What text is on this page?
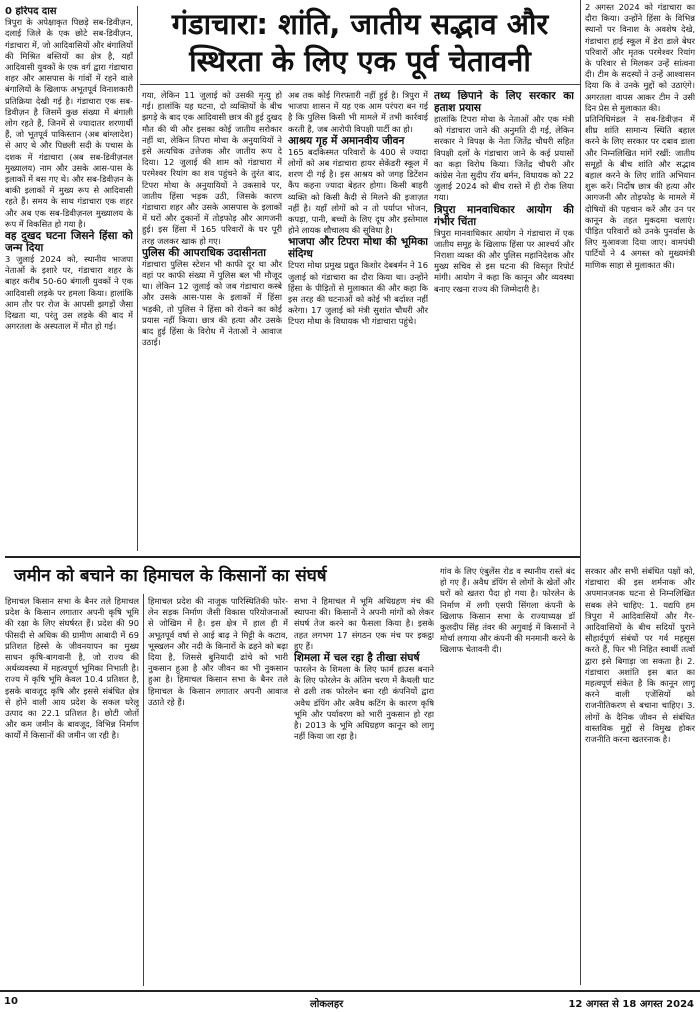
गंडाचारा: शांति, जातीय सद्भाव और स्थिरता के लिए एक पूर्व चेतावनी

0 हरिपद दास

त्रिपुरा के अपेक्षाकृत पिछड़े सब-डिवीज़न, दलाई जिले के एक छोटे सब-डिवीज़न, गंडाचारा में, जो आदिवासियों और बंगालियों की मिश्रित बस्तियों का क्षेत्र है, यहाँ आदिवासी युवकों के एक वर्ग द्वारा गंडाचारा शहर और आसपास के गांवों में रहने वाले बंगालियों के खिलाफ अभूतपूर्व विनाशकारी प्रतिक्रिया देखी गई है। गंडाचारा एक सब-डिवीज़न है जिसमें कुछ संख्या में बंगाली लोग रहते हैं, जिनमें से ज्यादातर शरणार्थी हैं, जो भूतपूर्व पाकिस्तान (अब बांग्लादेश) से आए थे और पिछली सदी के पचास के दशक में गंडाचारा (अब सब-डिवीज़नल मुख्यालय) नाम और उसके आस-पास के इलाकों में बस गए थे। और सब-डिवीज़न के बाकी इलाकों में मुख्य रूप से आदिवासी रहते हैं। समय के साथ गंडाचारा एक शहर और अब एक सब-डिवीज़नल मुख्यालय के रूप में विकसित हो गया है।

वह दुखद घटना जिसने हिंसा को जन्म दिया

3 जुलाई 2024 को, स्थानीय भाजपा नेताओं के इशारे पर, गंडाचारा शहर के बाहर करीब 50-60 बंगाली युवकों ने एक आदिवासी लड़के पर हमला किया। हालांकि आम तौर पर रोज के आपसी झगड़ों जैसा दिखता था, परंतु उस लड़के की बाद में अगरतला के अस्पताल में मौत हो गई।

गया, लेकिन 11 जुलाई को उसकी मृत्यु हो गई। हालांकि यह घटना, दो व्यक्तियों के बीच झगड़े के बाद एक आदिवासी छात्र की हुई दुखद मौत की थी और इसका कोई जातीय सरोकार नहीं था, लेकिन तिपरा मोथा के अनुयायियों ने इसे अत्यधिक उत्तेजक और जातीय रूप दे दिया। 12 जुलाई की शाम को गंडाचारा में परमेश्वर रियांग का शव पहुंचने के तुरंत बाद, टिपरा मोथा के अनुयायियों ने उकसावे पर, जातीय हिंसा भड़क उठी, जिसके कारण गंडाचारा शहर और उसके आसपास के इलाकों में घरों और दुकानों में तोड़फोड़ और आगजनी हुई। इस हिंसा में 165 परिवारों के घर पूरी तरह जलकर खाक हो गए।

पुलिस की आपराधिक उदासीनता

गंडाचारा पुलिस स्टेशन भी काफी दूर था और वहां पर काफी संख्या में पुलिस बल भी मौजूद था। लेकिन 12 जुलाई को जब गंडाचारा कस्बे और उसके आस-पास के इलाकों में हिंसा भड़की, तो पुलिस ने हिंसा को रोकने का कोई प्रयास नहीं किया। छात्र की हत्या और उसके बाद हुई हिंसा के विरोध में नेताओं ने आवाज उठाई।

अब तक कोई गिरफ्तारी नहीं हुई है। त्रिपुरा में भाजपा शासन में यह एक आम परंपरा बन गई है कि पुलिस किसी भी मामले में तभी कार्रवाई करती है, जब आरोपी विपक्षी पार्टी का हो।

आश्रय गृह में अमानवीय जीवन

165 बदकिस्मत परिवारों के 400 से ज्यादा लोगों को अब गंडाचारा हायर सेकेंडरी स्कूल में शरण दी गई है। इस आश्रय को जगह डिटेंशन कैंप कहना ज्यादा बेहतर होगा। किसी बाहरी व्यक्ति को किसी कैदी से मिलने की इजाज़त नहीं है। यहाँ लोगों को न तो पर्याप्त भोजन, कपड़ा, पानी, बच्चों के लिए दूध और इस्तेमाल होने लायक शौचालय की सुविधा है।

भाजपा और टिपरा मोथा की भूमिका संदिग्ध

टिपरा मोथा प्रमुख प्रद्युत किशोर देबबर्मन ने 16 जुलाई को गंडाचारा का दौरा किया था। उन्होंने हिंसा के पीड़ितों से मुलाकात की और कहा कि इस तरह की घटनाओं को कोई भी बर्दाश्त नहीं करेगा। 17 जुलाई को मंत्री सुशांत चौधरी और टिपरा मोथा के विधायक भी गंडाचारा पहुंचे।

तथ्य छिपाने के लिए सरकार का हताश प्रयास

हालांकि टिपरा मोथा के नेताओं और एक मंत्री को गंडाचारा जाने की अनुमति दी गई, लेकिन सरकार ने विपक्ष के नेता जितेंद्र चौधरी सहित विपक्षी दलों के गंडाचारा जाने के कई प्रयासों का कड़ा विरोध किया। जितेंद्र चौधरी और कांग्रेस नेता सुदीप रॉय बर्मन, विधायक को 22 जुलाई 2024 को बीच रास्ते में ही रोक लिया गया।

त्रिपुरा मानवाधिकार आयोग की गंभीर चिंता

त्रिपुरा मानवाधिकार आयोग ने गंडाचारा में एक जातीय समूह के खिलाफ हिंसा पर आश्चर्य और निराशा व्यक्त की और पुलिस महानिदेशक और मुख्य सचिव से इस घटना की विस्तृत रिपोर्ट मांगी। आयोग ने कहा कि कानून और व्यवस्था बनाए रखना राज्य की जिम्मेदारी है।

2 अगस्त 2024 को गंडाचारा का दौरा किया। उन्होंने हिंसा के विभिन्न स्थानों पर विनाश के अवशेष देखे, गंडाचारा हाई स्कूल में डेरा डाले बेघर परिवारों और मृतक परमेश्वर रियांग के परिवार से मिलकर उन्हें सांत्वना दी। टीम के सदस्यों ने उन्हें आश्वासन दिया कि वे उनके मुद्दों को उठाएंगे। अगरतला वापस आकर टीम ने उसी दिन प्रेस से मुलाकात की।

प्रतिनिधिमंडल ने सब-डिवीज़न में शीघ्र शांति सामान्य स्थिति बहाल करने के लिए सरकार पर दबाव डाला और निम्नलिखित मांगें रखीं: जातीय समूहों के बीच शांति और सद्भाव बहाल करने के लिए शांति अभियान शुरू करें। निर्दोष छात्र की हत्या और आगजनी और तोड़फोड़ के मामले में दोषियों की पहचान करें और उन पर कानून के तहत मुकदमा चलाएं। पीड़ित परिवारों को उनके पुनर्वास के लिए मुआवजा दिया जाए। वामपंथी पार्टियों ने 4 अगस्त को मुख्यमंत्री माणिक साहा से मुलाकात की।

सरकार और सभी संबंधित पक्षों को, गंडाचारा की इस शर्मनाक और अपमानजनक घटना से निम्नलिखित सबक लेने चाहिए: 1. यद्यपि हम त्रिपुरा में आदिवासियों और गैर-आदिवासियों के बीच सदियों पुराने सौहार्दपूर्ण संबंधों पर गर्व महसूस करते हैं, फिर भी निहित स्वार्थी तत्वों द्वारा इसे बिगाड़ा जा सकता है। 2. गंडाचारा अशांति इस बात का महत्वपूर्ण संकेत है कि कानून लागू करने वाली एजेंसियों को राजनीतिकरण से बचाना चाहिए। 3. लोगों के दैनिक जीवन से संबंधित वास्तविक मुद्दों से विमुख होकर राजनीति करना खतरनाक है।

जमीन को बचाने का हिमाचल के किसानों का संघर्ष

हिमाचल किसान सभा के बैनर तले हिमाचल प्रदेश के किसान लगातार अपनी कृषि भूमि की रक्षा के लिए संघर्षरत हैं। प्रदेश की 90 फीसदी से अधिक की ग्रामीण आबादी में 69 प्रतिशत हिस्से के जीवनयापन का मुख्य साधन कृषि-बागवानी है, जो राज्य की अर्थव्यवस्था में महत्वपूर्ण भूमिका निभाती है। राज्य में कृषि भूमि केवल 10.4 प्रतिशत है, इसके बावजूद कृषि और इससे संबंधित क्षेत्र से होने वाली आय प्रदेश के सकल घरेलू उत्पाद का 22.1 प्रतिशत है। छोटी जोतों और कम जमीन के बावजूद, विभिन्न निर्माण कार्यों में किसानों की जमीन जा रही है।

हिमाचल प्रदेश की नाजुक पारिस्थितिकी फोर-लेन सड़क निर्माण जैसी विकास परियोजनाओं से जोखिम में है। इस क्षेत्र में हाल ही में अभूतपूर्व वर्षा से आई बाढ़ ने मिट्टी के कटाव, भूस्खलन और नदी के किनारों के ढहने को बढ़ा दिया है, जिससे बुनियादी ढांचे को भारी नुकसान हुआ है और जीवन का भी नुकसान हुआ है। हिमाचल किसान सभा के बैनर तले हिमाचल के किसान लगातार अपनी आवाज उठाते रहे हैं।

सभा ने हिमाचल में भूमि अधिग्रहण मंच की स्थापना की। किसानों ने अपनी मांगों को लेकर संघर्ष तेज करने का फैसला किया है। इसके तहत लगभग 17 संगठन एक मंच पर इकट्ठा हुए हैं।

शिमला में चल रहा है तीखा संघर्ष

फारलेन के शिमला के लिए फार्म हाउस बनाने के लिए फोरलेन के अंतिम चरण में कैथली घाट से ढली तक फोरलेन बना रही कंपनियों द्वारा अवैध डंपिंग और अवैध कटिंग के कारण कृषि भूमि और पर्यावरण को भारी नुकसान हो रहा है। 2013 के भूमि अधिग्रहण कानून को लागू नहीं किया जा रहा है।

गांव के लिए एंबुलेंस रोड व स्थानीय रास्ते बंद हो गए हैं। अवैध डंपिंग से लोगों के खेतों और घरों को खतरा पैदा हो गया है। फोरलेन के निर्माण में लगी एसपी सिंगला कंपनी के खिलाफ किसान सभा के राज्याध्यक्ष डॉ कुलदीप सिंह तंवर की अगुवाई में किसानों ने मोर्चा लगाया और कंपनी की मनमानी करने के खिलाफ चेतावनी दी।

10	लोकलहर	12 अगस्त से 18 अगस्त 2024
